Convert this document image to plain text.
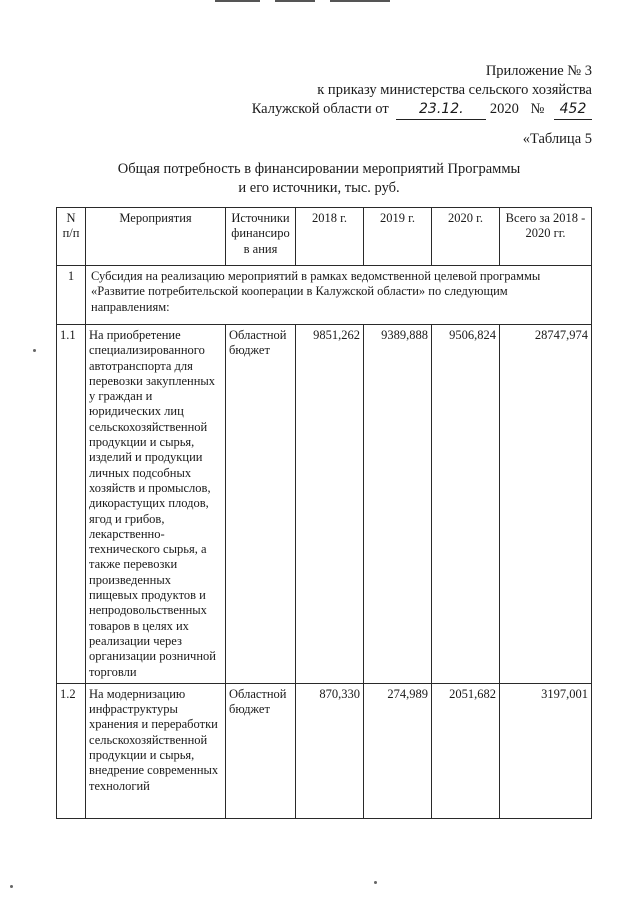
Приложение № 3
к приказу министерства сельского хозяйства
Калужской области от 23.12. 2020 № 452
«Таблица 5
Общая потребность в финансировании мероприятий Программы
и его источники, тыс. руб.
N п/п	Мероприятия	Источники финансиров ания	2018 г.	2019 г.	2020 г.	Всего за 2018 - 2020 гг.
1	Субсидия на реализацию мероприятий в рамках ведомственной целевой программы «Развитие потребительской кооперации в Калужской области» по следующим направлениям:					
1.1	На приобретение специализированного автотранспорта для перевозки закупленных у граждан и юридических лиц сельскохозяйственной продукции и сырья, изделий и продукции личных подсобных хозяйств и промыслов, дикорастущих плодов, ягод и грибов, лекарственно-технического сырья, а также перевозки произведенных пищевых продуктов и непродовольственных товаров в целях их реализации через организации розничной торговли	Областной бюджет	9851,262	9389,888	9506,824	28747,974
1.2	На модернизацию инфраструктуры хранения и переработки сельскохозяйственной продукции и сырья, внедрение современных технологий	Областной бюджет	870,330	274,989	2051,682	3197,001
